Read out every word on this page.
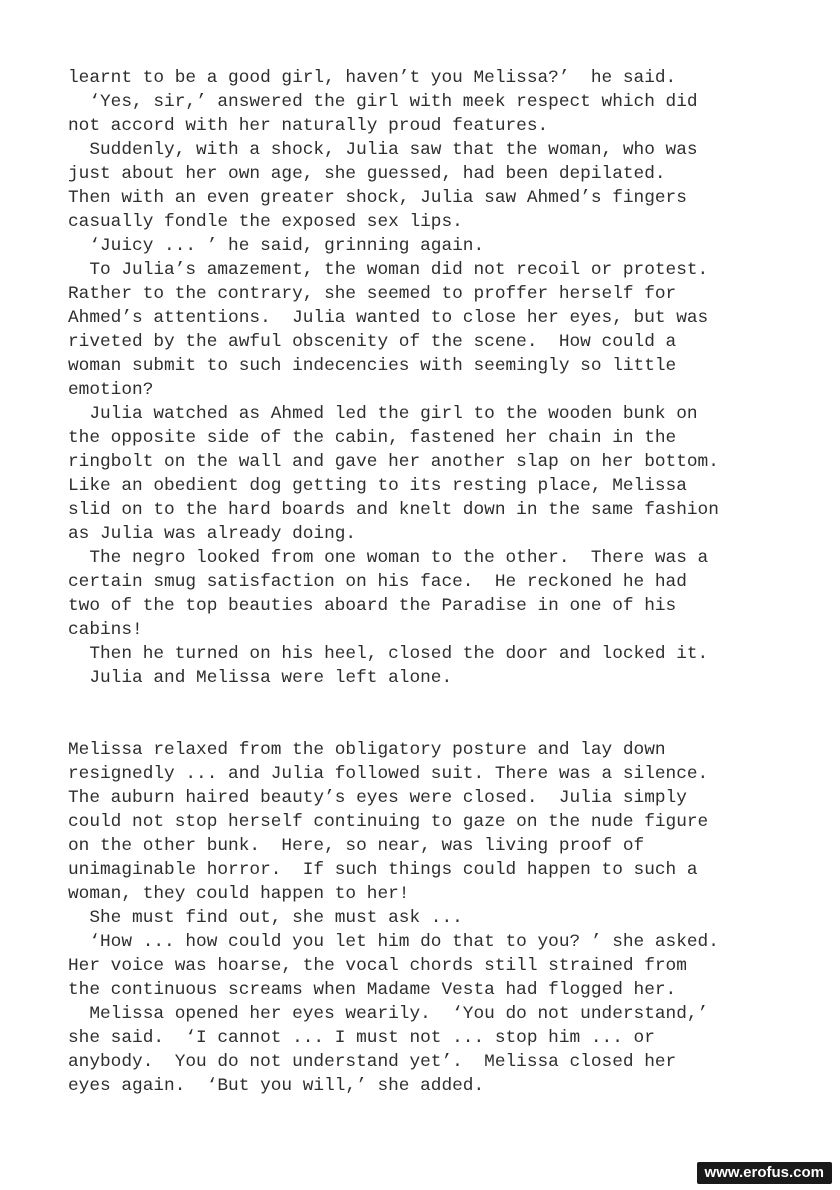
learnt to be a good girl, haven’t you Melissa?’  he said.
‘Yes, sir,’ answered the girl with meek respect which did
not accord with her naturally proud features.
Suddenly, with a shock, Julia saw that the woman, who was
just about her own age, she guessed, had been depilated.
Then with an even greater shock, Julia saw Ahmed’s fingers
casually fondle the exposed sex lips.
‘Juicy ... ’ he said, grinning again.
To Julia’s amazement, the woman did not recoil or protest.
Rather to the contrary, she seemed to proffer herself for
Ahmed’s attentions.  Julia wanted to close her eyes, but was
riveted by the awful obscenity of the scene.  How could a
woman submit to such indecencies with seemingly so little
emotion?
Julia watched as Ahmed led the girl to the wooden bunk on
the opposite side of the cabin, fastened her chain in the
ringbolt on the wall and gave her another slap on her bottom.
Like an obedient dog getting to its resting place, Melissa
slid on to the hard boards and knelt down in the same fashion
as Julia was already doing.
The negro looked from one woman to the other.  There was a
certain smug satisfaction on his face.  He reckoned he had
two of the top beauties aboard the Paradise in one of his
cabins!
Then he turned on his heel, closed the door and locked it.
Julia and Melissa were left alone.
Melissa relaxed from the obligatory posture and lay down
resignedly ... and Julia followed suit. There was a silence.
The auburn haired beauty’s eyes were closed.  Julia simply
could not stop herself continuing to gaze on the nude figure
on the other bunk.  Here, so near, was living proof of
unimaginable horror.  If such things could happen to such a
woman, they could happen to her!
She must find out, she must ask ...
‘How ... how could you let him do that to you? ’ she asked.
Her voice was hoarse, the vocal chords still strained from
the continuous screams when Madame Vesta had flogged her.
Melissa opened her eyes wearily.  ‘You do not understand,’
she said.  ‘I cannot ... I must not ... stop him ... or
anybody.  You do not understand yet’.  Melissa closed her
eyes again.  ‘But you will,’ she added.
www.erofus.com
